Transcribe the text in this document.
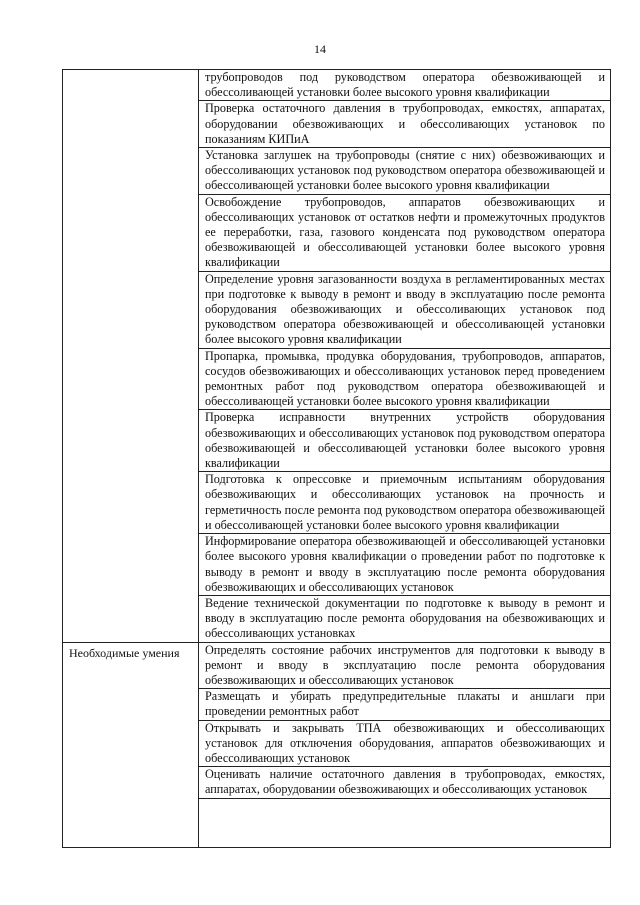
14

	трубопроводов под руководством оператора обезвоживающей и обессоливающей установки более высокого уровня квалификации

	Проверка остаточного давления в трубопроводах, емкостях, аппаратах, оборудовании обезвоживающих и обессоливающих установок по показаниям КИПиА

	Установка заглушек на трубопроводы (снятие с них) обезвоживающих и обессоливающих установок под руководством оператора обезвоживающей и обессоливающей установки более высокого уровня квалификации

	Освобождение трубопроводов, аппаратов обезвоживающих и обессоливающих установок от остатков нефти и промежуточных продуктов ее переработки, газа, газового конденсата под руководством оператора обезвоживающей и обессоливающей установки более высокого уровня квалификации

	Определение уровня загазованности воздуха в регламентированных местах при подготовке к выводу в ремонт и вводу в эксплуатацию после ремонта оборудования обезвоживающих и обессоливающих установок под руководством оператора обезвоживающей и обессоливающей установки более высокого уровня квалификации

	Пропарка, промывка, продувка оборудования, трубопроводов, аппаратов, сосудов обезвоживающих и обессоливающих установок перед проведением ремонтных работ под руководством оператора обезвоживающей и обессоливающей установки более высокого уровня квалификации

	Проверка исправности внутренних устройств оборудования обезвоживающих и обессоливающих установок под руководством оператора обезвоживающей и обессоливающей установки более высокого уровня квалификации

	Подготовка к опрессовке и приемочным испытаниям оборудования обезвоживающих и обессоливающих установок на прочность и герметичность после ремонта под руководством оператора обезвоживающей и обессоливающей установки более высокого уровня квалификации

	Информирование оператора обезвоживающей и обессоливающей установки более высокого уровня квалификации о проведении работ по подготовке к выводу в ремонт и вводу в эксплуатацию после ремонта оборудования обезвоживающих и обессоливающих установок

	Ведение технической документации по подготовке к выводу в ремонт и вводу в эксплуатацию после ремонта оборудования на обезвоживающих и обессоливающих установках

Необходимые умения	Определять состояние рабочих инструментов для подготовки к выводу в ремонт и вводу в эксплуатацию после ремонта оборудования обезвоживающих и обессоливающих установок

	Размещать и убирать предупредительные плакаты и аншлаги при проведении ремонтных работ

	Открывать и закрывать ТПА обезвоживающих и обессоливающих установок для отключения оборудования, аппаратов обезвоживающих и обессоливающих установок

	Оценивать наличие остаточного давления в трубопроводах, емкостях, аппаратах, оборудовании обезвоживающих и обессоливающих установок
